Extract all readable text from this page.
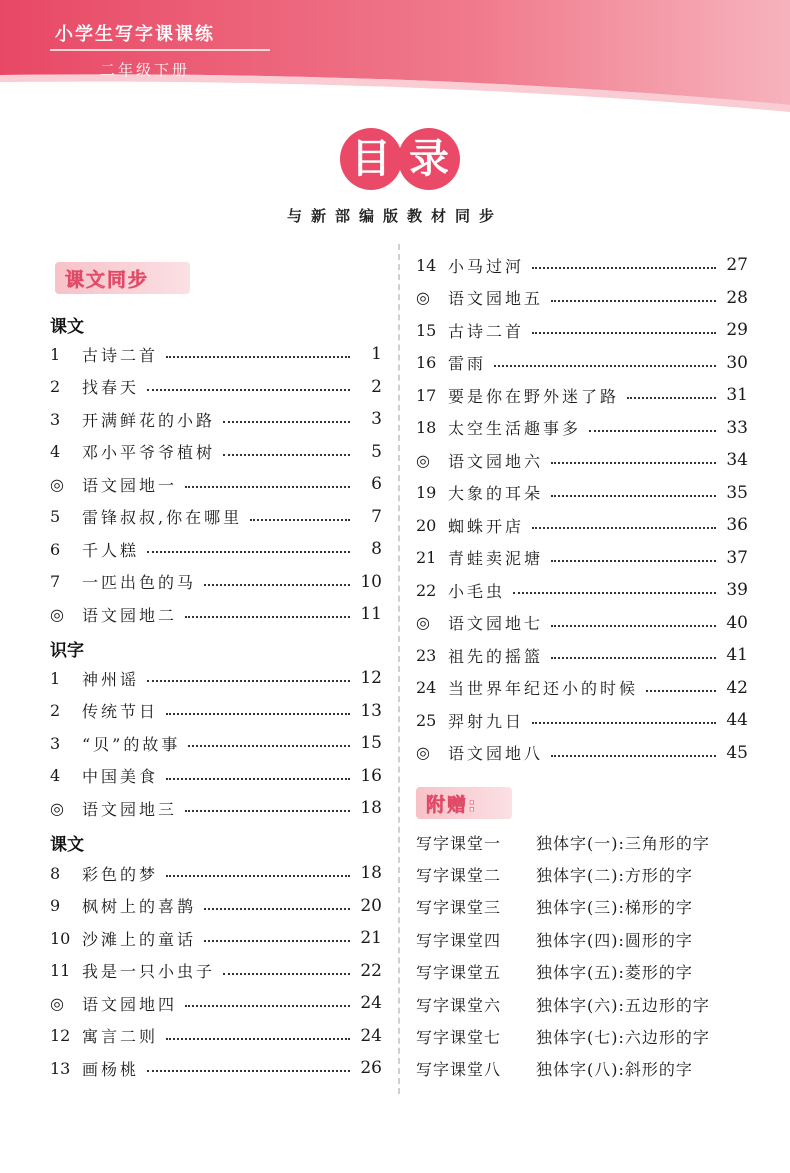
小学生写字课课练
二年级下册
目 录
与新部编版教材同步
课文同步
课文
1	古诗二首	1
2	找春天	2
3	开满鲜花的小路	3
4	邓小平爷爷植树	5
◎	语文园地一	6
5	雷锋叔叔,你在哪里	7
6	千人糕	8
7	一匹出色的马	10
◎	语文园地二	11
识字
1	神州谣	12
2	传统节日	13
3	“贝”的故事	15
4	中国美食	16
◎	语文园地三	18
课文
8	彩色的梦	18
9	枫树上的喜鹊	20
10 沙滩上的童话	21
11 我是一只小虫子	22
◎	语文园地四	24
12 寓言二则	24
13 画杨桃	26
14 小马过河	27
◎	语文园地五	28
15 古诗二首	29
16 雷雨	30
17 要是你在野外迷了路	31
18 太空生活趣事多	33
◎	语文园地六	34
19 大象的耳朵	35
20 蜘蛛开店	36
21 青蛙卖泥塘	37
22 小毛虫	39
◎	语文园地七	40
23 祖先的摇篮	41
24 当世界年纪还小的时候	42
25 羿射九日	44
◎	语文园地八	45
附赠:
写字课堂一	独体字(一):三角形的字
写字课堂二	独体字(二):方形的字
写字课堂三	独体字(三):梯形的字
写字课堂四	独体字(四):圆形的字
写字课堂五	独体字(五):菱形的字
写字课堂六	独体字(六):五边形的字
写字课堂七	独体字(七):六边形的字
写字课堂八	独体字(八):斜形的字
